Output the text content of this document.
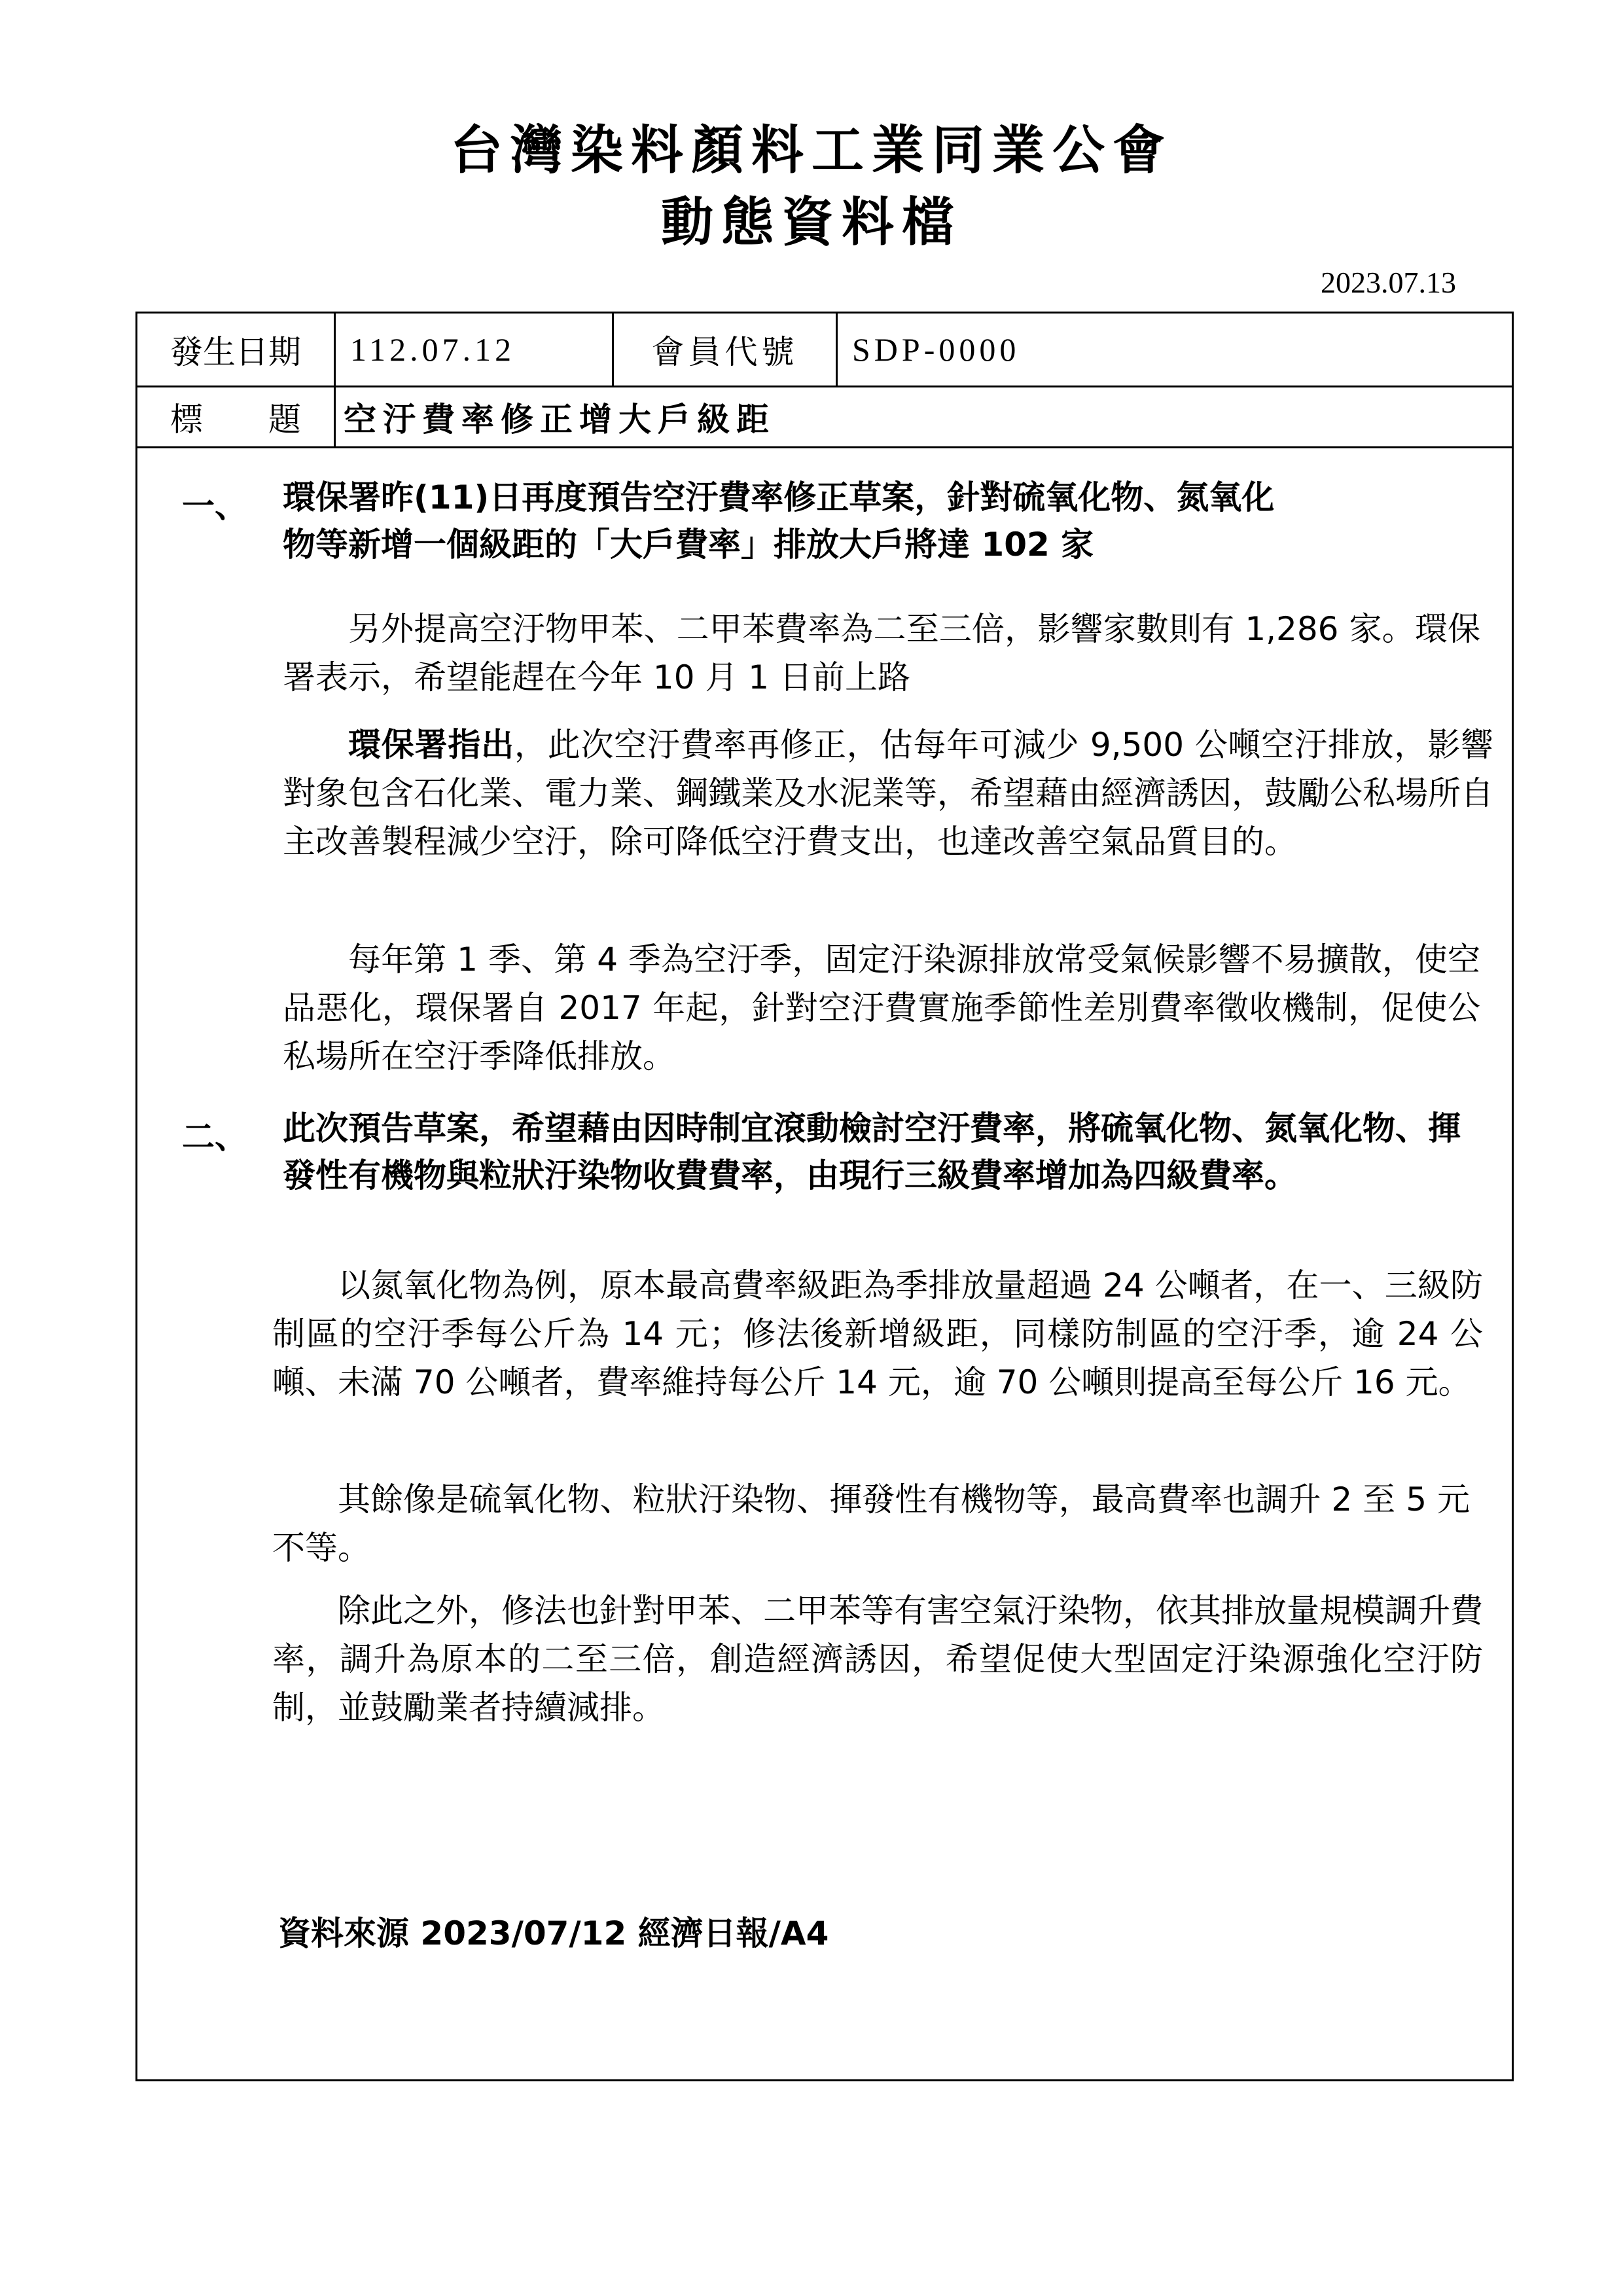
台灣染料顏料工業同業公會
動態資料檔
2023.07.13
發生日期	112.07.12	會員代號	SDP-0000
標　　題	空汙費率修正增大戶級距
一、 環保署昨(11)日再度預告空汙費率修正草案，針對硫氧化物、氮氧化物等新增一個級距的「大戶費率」排放大戶將達 102 家
另外提高空汙物甲苯、二甲苯費率為二至三倍，影響家數則有 1,286 家。環保署表示，希望能趕在今年 10 月 1 日前上路
環保署指出，此次空汙費率再修正，估每年可減少 9,500 公噸空汙排放，影響對象包含石化業、電力業、鋼鐵業及水泥業等，希望藉由經濟誘因，鼓勵公私場所自主改善製程減少空汙，除可降低空汙費支出，也達改善空氣品質目的。
每年第 1 季、第 4 季為空汙季，固定汙染源排放常受氣候影響不易擴散，使空品惡化，環保署自 2017 年起，針對空汙費實施季節性差別費率徵收機制，促使公私場所在空汙季降低排放。
二、 此次預告草案，希望藉由因時制宜滾動檢討空汙費率，將硫氧化物、氮氧化物、揮發性有機物與粒狀汙染物收費費率，由現行三級費率增加為四級費率。
以氮氧化物為例，原本最高費率級距為季排放量超過 24 公噸者，在一、三級防制區的空汙季每公斤為 14 元；修法後新增級距，同樣防制區的空汙季，逾 24 公噸、未滿 70 公噸者，費率維持每公斤 14 元，逾 70 公噸則提高至每公斤 16 元。
其餘像是硫氧化物、粒狀汙染物、揮發性有機物等，最高費率也調升 2 至 5 元不等。
除此之外，修法也針對甲苯、二甲苯等有害空氣汙染物，依其排放量規模調升費率，調升為原本的二至三倍，創造經濟誘因，希望促使大型固定汙染源強化空汙防制，並鼓勵業者持續減排。
資料來源 2023/07/12 經濟日報/A4
